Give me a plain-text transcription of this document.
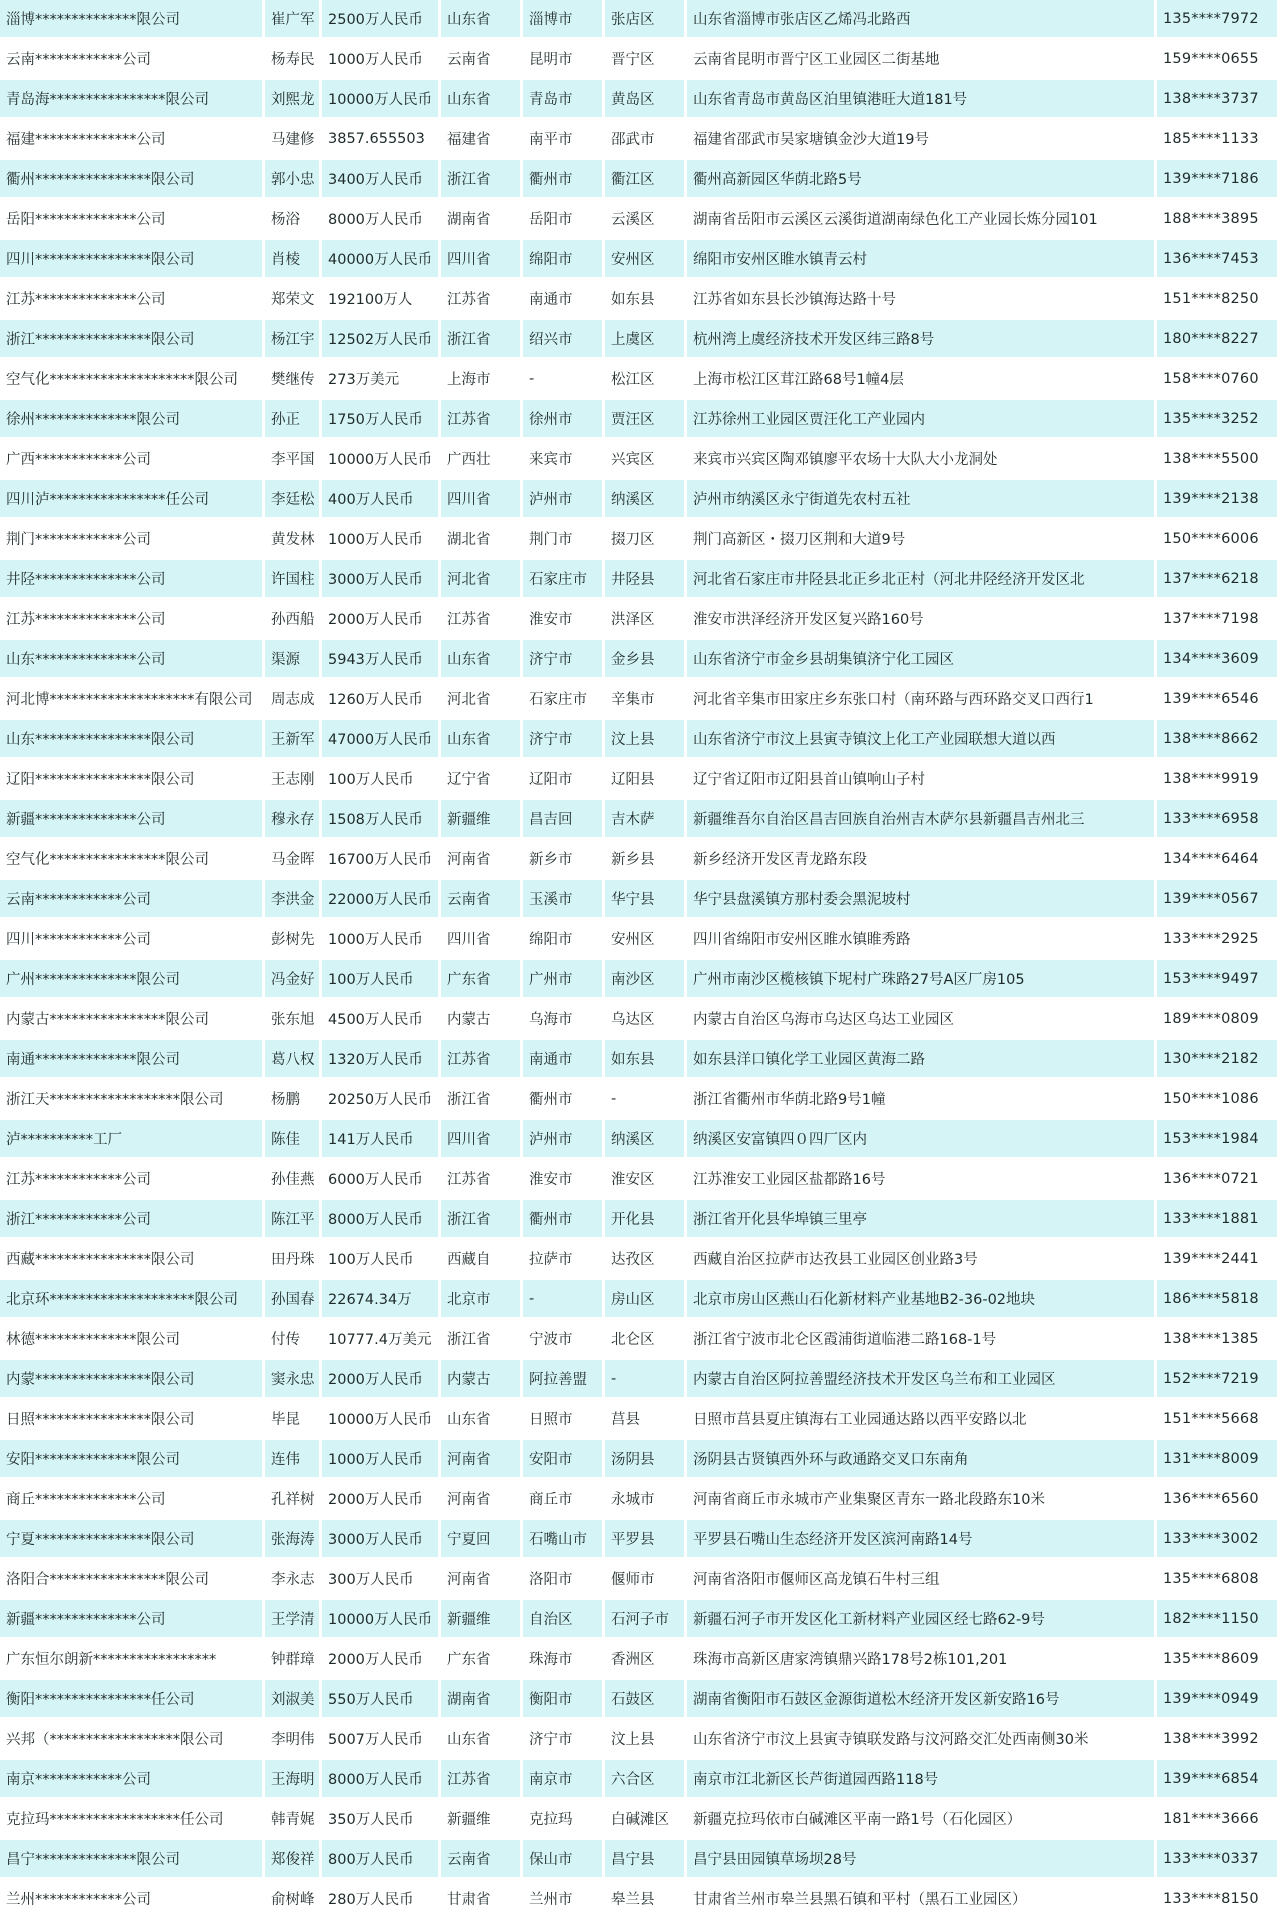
淄博**************限公司	崔广军	2500万人民币	山东省	淄博市	张店区	山东省淄博市张店区乙烯冯北路西	135****7972
云南************公司	杨寿民	1000万人民币	云南省	昆明市	晋宁区	云南省昆明市晋宁区工业园区二街基地	159****0655
青岛海****************限公司	刘熙龙	10000万人民币	山东省	青岛市	黄岛区	山东省青岛市黄岛区泊里镇港旺大道181号	138****3737
福建**************公司	马建修	3857.655503	福建省	南平市	邵武市	福建省邵武市吴家塘镇金沙大道19号	185****1133
衢州****************限公司	郭小忠	3400万人民币	浙江省	衢州市	衢江区	衢州高新园区华荫北路5号	139****7186
岳阳**************公司	杨浴	8000万人民币	湖南省	岳阳市	云溪区	湖南省岳阳市云溪区云溪街道湖南绿色化工产业园长炼分园101	188****3895
四川****************限公司	肖棱	40000万人民币	四川省	绵阳市	安州区	绵阳市安州区睢水镇青云村	136****7453
江苏**************公司	郑荣文	192100万人	江苏省	南通市	如东县	江苏省如东县长沙镇海达路十号	151****8250
浙江****************限公司	杨江宇	12502万人民币	浙江省	绍兴市	上虞区	杭州湾上虞经济技术开发区纬三路8号	180****8227
空气化********************限公司	樊继传	273万美元	上海市	-	松江区	上海市松江区茸江路68号1幢4层	158****0760
徐州**************限公司	孙正	1750万人民币	江苏省	徐州市	贾汪区	江苏徐州工业园区贾汪化工产业园内	135****3252
广西************公司	李平国	10000万人民币	广西壮	来宾市	兴宾区	来宾市兴宾区陶邓镇廖平农场十大队大小龙洞处	138****5500
四川泸****************任公司	李廷松	400万人民币	四川省	泸州市	纳溪区	泸州市纳溪区永宁街道先农村五社	139****2138
荆门************公司	黄发林	1000万人民币	湖北省	荆门市	掇刀区	荆门高新区・掇刀区荆和大道9号	150****6006
井陉**************公司	许国柱	3000万人民币	河北省	石家庄市	井陉县	河北省石家庄市井陉县北正乡北正村（河北井陉经济开发区北	137****6218
江苏**************公司	孙西船	2000万人民币	江苏省	淮安市	洪泽区	淮安市洪泽经济开发区复兴路160号	137****7198
山东**************公司	渠源	5943万人民币	山东省	济宁市	金乡县	山东省济宁市金乡县胡集镇济宁化工园区	134****3609
河北博********************有限公司	周志成	1260万人民币	河北省	石家庄市	辛集市	河北省辛集市田家庄乡东张口村（南环路与西环路交叉口西行1	139****6546
山东****************限公司	王新军	47000万人民币	山东省	济宁市	汶上县	山东省济宁市汶上县寅寺镇汶上化工产业园联想大道以西	138****8662
辽阳****************限公司	王志刚	100万人民币	辽宁省	辽阳市	辽阳县	辽宁省辽阳市辽阳县首山镇响山子村	138****9919
新疆**************公司	穆永存	1508万人民币	新疆维	昌吉回	吉木萨	新疆维吾尔自治区昌吉回族自治州吉木萨尔县新疆昌吉州北三	133****6958
空气化****************限公司	马金晖	16700万人民币	河南省	新乡市	新乡县	新乡经济开发区青龙路东段	134****6464
云南************公司	李洪金	22000万人民币	云南省	玉溪市	华宁县	华宁县盘溪镇方那村委会黑泥坡村	139****0567
四川************公司	彭树先	1000万人民币	四川省	绵阳市	安州区	四川省绵阳市安州区睢水镇睢秀路	133****2925
广州**************限公司	冯金好	100万人民币	广东省	广州市	南沙区	广州市南沙区榄核镇下坭村广珠路27号A区厂房105	153****9497
内蒙古****************限公司	张东旭	4500万人民币	内蒙古	乌海市	乌达区	内蒙古自治区乌海市乌达区乌达工业园区	189****0809
南通**************限公司	葛八权	1320万人民币	江苏省	南通市	如东县	如东县洋口镇化学工业园区黄海二路	130****2182
浙江天******************限公司	杨鹏	20250万人民币	浙江省	衢州市	-	浙江省衢州市华荫北路9号1幢	150****1086
泸**********工厂	陈佳	141万人民币	四川省	泸州市	纳溪区	纳溪区安富镇四０四厂区内	153****1984
江苏************公司	孙佳燕	6000万人民币	江苏省	淮安市	淮安区	江苏淮安工业园区盐都路16号	136****0721
浙江************公司	陈江平	8000万人民币	浙江省	衢州市	开化县	浙江省开化县华埠镇三里亭	133****1881
西藏****************限公司	田丹珠	100万人民币	西藏自	拉萨市	达孜区	西藏自治区拉萨市达孜县工业园区创业路3号	139****2441
北京环********************限公司	孙国春	22674.34万	北京市	-	房山区	北京市房山区燕山石化新材料产业基地B2-36-02地块	186****5818
林德**************限公司	付传	10777.4万美元	浙江省	宁波市	北仑区	浙江省宁波市北仑区霞浦街道临港二路168-1号	138****1385
内蒙****************限公司	窦永忠	2000万人民币	内蒙古	阿拉善盟	-	内蒙古自治区阿拉善盟经济技术开发区乌兰布和工业园区	152****7219
日照****************限公司	毕昆	10000万人民币	山东省	日照市	莒县	日照市莒县夏庄镇海右工业园通达路以西平安路以北	151****5668
安阳**************限公司	连伟	1000万人民币	河南省	安阳市	汤阴县	汤阴县古贤镇西外环与政通路交叉口东南角	131****8009
商丘**************公司	孔祥树	2000万人民币	河南省	商丘市	永城市	河南省商丘市永城市产业集聚区青东一路北段路东10米	136****6560
宁夏****************限公司	张海涛	3000万人民币	宁夏回	石嘴山市	平罗县	平罗县石嘴山生态经济开发区滨河南路14号	133****3002
洛阳合****************限公司	李永志	300万人民币	河南省	洛阳市	偃师市	河南省洛阳市偃师区高龙镇石牛村三组	135****6808
新疆**************公司	王学清	10000万人民币	新疆维	自治区	石河子市	新疆石河子市开发区化工新材料产业园区经七路62-9号	182****1150
广东恒尔朗新*****************	钟群璋	2000万人民币	广东省	珠海市	香洲区	珠海市高新区唐家湾镇鼎兴路178号2栋101,201	135****8609
衡阳****************任公司	刘淑美	550万人民币	湖南省	衡阳市	石鼓区	湖南省衡阳市石鼓区金源街道松木经济开发区新安路16号	139****0949
兴邦（******************限公司	李明伟	5007万人民币	山东省	济宁市	汶上县	山东省济宁市汶上县寅寺镇联发路与汶河路交汇处西南侧30米	138****3992
南京************公司	王海明	8000万人民币	江苏省	南京市	六合区	南京市江北新区长芦街道园西路118号	139****6854
克拉玛******************任公司	韩青娓	350万人民币	新疆维	克拉玛	白碱滩区	新疆克拉玛依市白碱滩区平南一路1号（石化园区）	181****3666
昌宁**************限公司	郑俊祥	800万人民币	云南省	保山市	昌宁县	昌宁县田园镇草场坝28号	133****0337
兰州************公司	俞树峰	280万人民币	甘肃省	兰州市	皋兰县	甘肃省兰州市皋兰县黑石镇和平村（黑石工业园区）	133****8150
